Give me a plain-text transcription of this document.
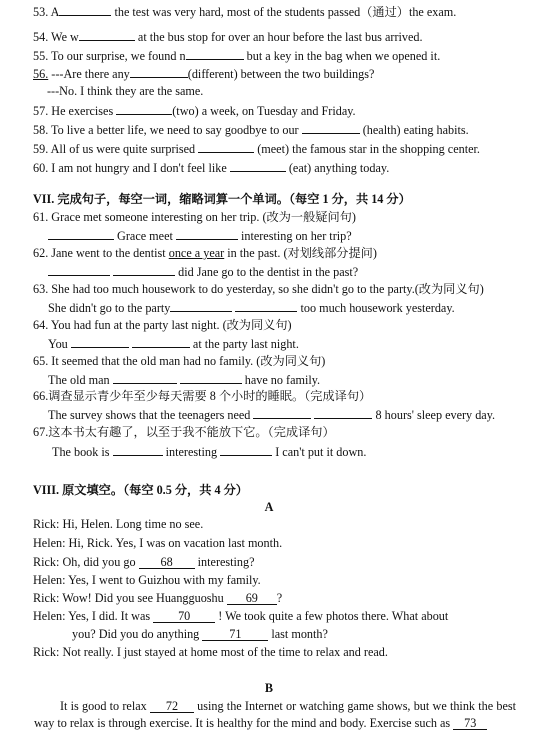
53. A	the test was very hard, most of the students passed（通过）the exam.
54. We w	at the bus stop for over an hour before the last bus arrived.
55. To our surprise, we found n	but a key in the bag when we opened it.
56. ---Are there any	(different) between the two buildings?
---No. I think they are the same.
57. He exercises	(two) a week, on Tuesday and Friday.
58. To live a better life, we need to say goodbye to our	(health) eating habits.
59. All of us were quite surprised	(meet) the famous star in the shopping center.
60. I am not hungry and I don't feel like	(eat) anything today.
VII. 完成句子，每空一词，缩略词算一个单词。（每空 1 分，共 14 分）
61. Grace met someone interesting on her trip. (改为一般疑问句)
Grace meet	interesting on her trip?
62. Jane went to the dentist once a year in the past. (对划线部分提问)
did Jane go to the dentist in the past?
63. She had too much housework to do yesterday, so she didn't go to the party.(改为同义句)
She didn't go to the party	too much housework yesterday.
64. You had fun at the party last night. (改为同义句)
You	at the party last night.
65. It seemed that the old man had no family. (改为同义句)
The old man	have no family.
66.调查显示青少年至少每天需要 8 个小时的睡眠。（完成译句）
The survey shows that the teenagers need	8 hours' sleep every day.
67.这本书太有趣了，以至于我不能放下它。（完成译句）
The book is	interesting	I can't put it down.
VIII. 原文填空。（每空 0.5 分，共 4 分）
A
Rick: Hi, Helen. Long time no see.
Helen: Hi, Rick. Yes, I was on vacation last month.
Rick: Oh, did you go 68 interesting?
Helen: Yes, I went to Guizhou with my family.
Rick: Wow! Did you see Huangguoshu 69 ?
Helen: Yes, I did. It was 70 ! We took quite a few photos there. What about
you? Did you do anything 71 last month?
Rick: Not really. I just stayed at home most of the time to relax and read.
B
It is good to relax 72 using the Internet or watching game shows, but we think the best way to relax is through exercise. It is healthy for the mind and body. Exercise such as 73
